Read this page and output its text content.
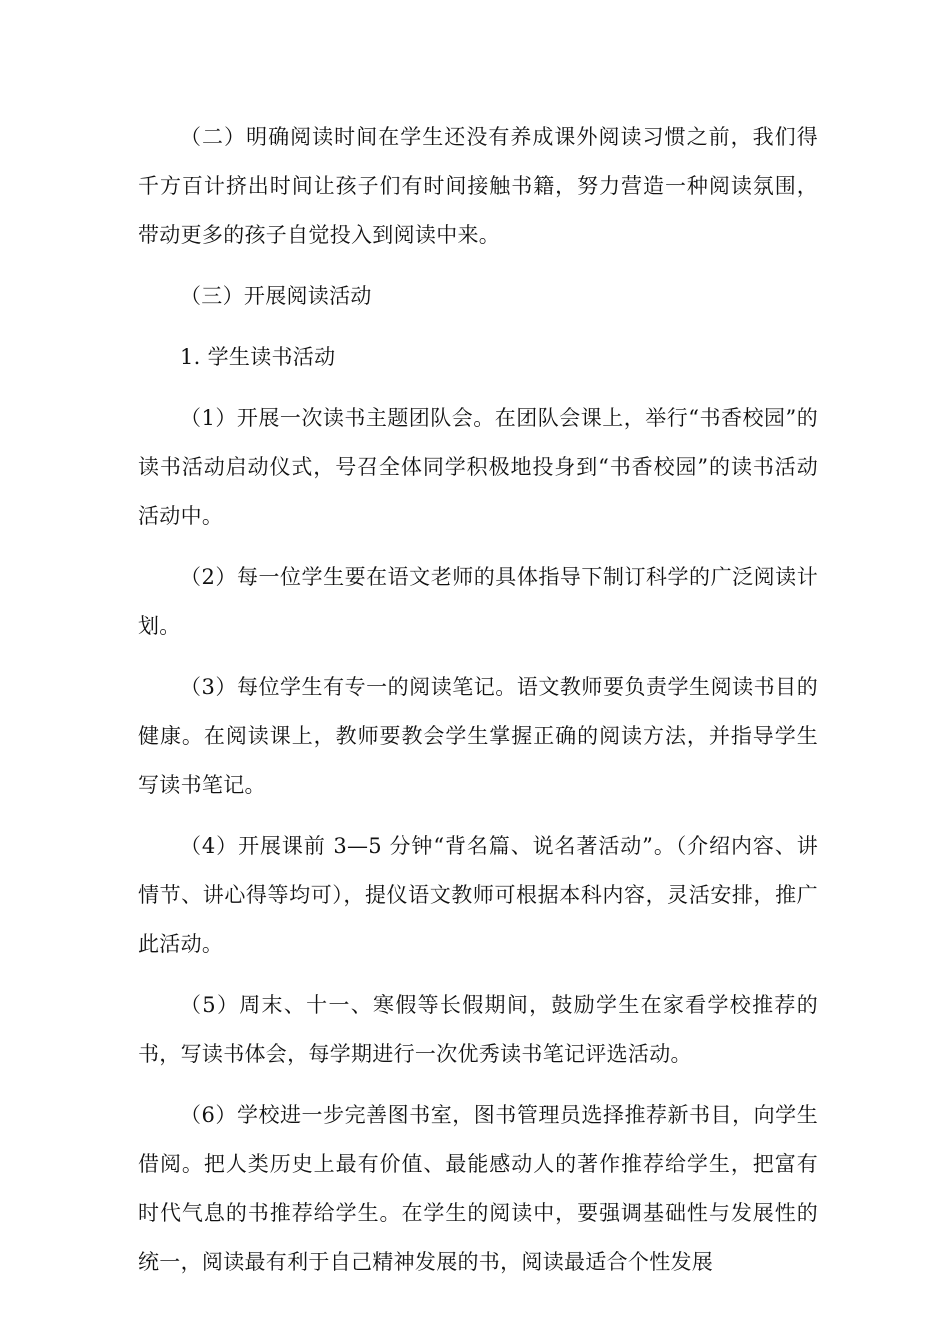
（二）明确阅读时间在学生还没有养成课外阅读习惯之前，我们得千方百计挤出时间让孩子们有时间接触书籍，努力营造一种阅读氛围，带动更多的孩子自觉投入到阅读中来。

（三）开展阅读活动

1. 学生读书活动

（1）开展一次读书主题团队会。在团队会课上，举行“书香校园”的读书活动启动仪式，号召全体同学积极地投身到“书香校园”的读书活动活动中。

（2）每一位学生要在语文老师的具体指导下制订科学的广泛阅读计划。

（3）每位学生有专一的阅读笔记。语文教师要负责学生阅读书目的健康。在阅读课上，教师要教会学生掌握正确的阅读方法，并指导学生写读书笔记。

（4）开展课前 3—5 分钟“背名篇、说名著活动”。（介绍内容、讲情节、讲心得等均可），提仪语文教师可根据本科内容，灵活安排，推广此活动。

（5）周末、十一、寒假等长假期间，鼓励学生在家看学校推荐的书，写读书体会，每学期进行一次优秀读书笔记评选活动。

（6）学校进一步完善图书室，图书管理员选择推荐新书目，向学生借阅。把人类历史上最有价值、最能感动人的著作推荐给学生，把富有时代气息的书推荐给学生。在学生的阅读中，要强调基础性与发展性的统一，阅读最有利于自己精神发展的书，阅读最适合个性发展
